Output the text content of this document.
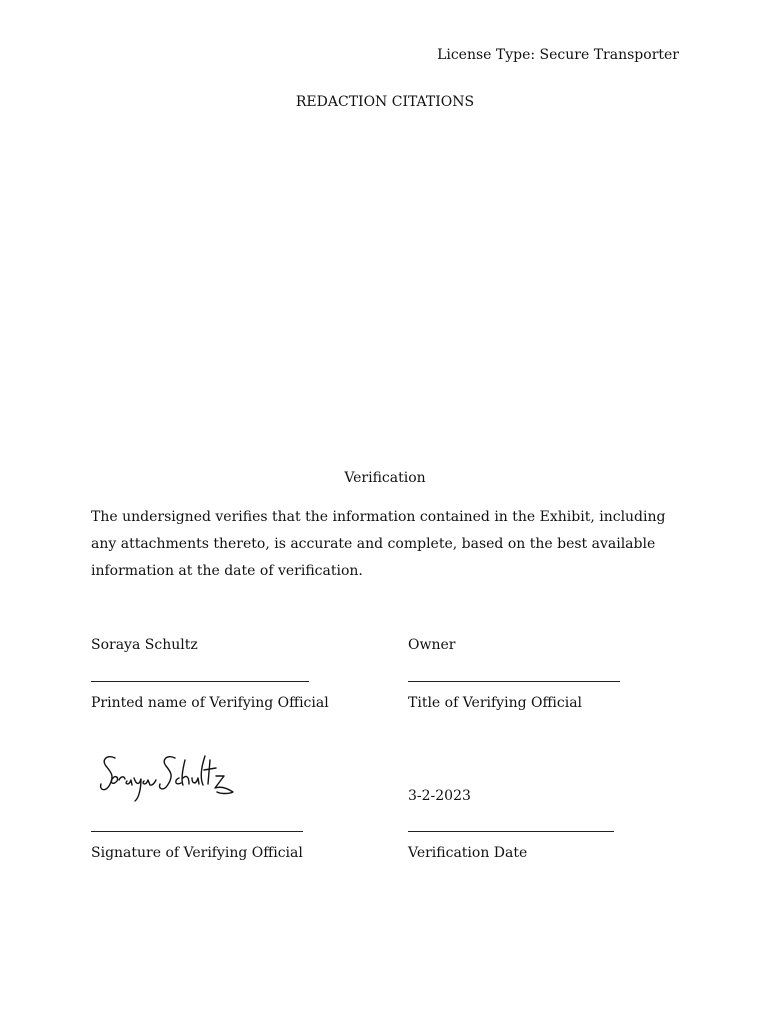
License Type: Secure Transporter
REDACTION CITATIONS
Verification

The undersigned verifies that the information contained in the Exhibit, including any attachments thereto, is accurate and complete, based on the best available information at the date of verification.

Soraya Schultz
Printed name of Verifying Official
Owner
Title of Verifying Official
Signature of Verifying Official
3-2-2023
Verification Date
